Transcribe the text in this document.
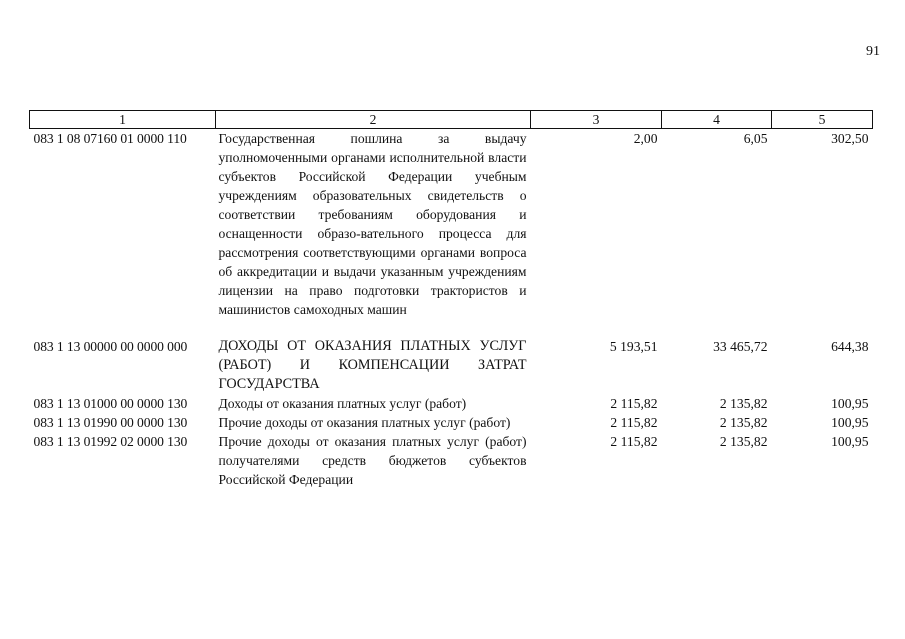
91
1	2	3	4	5
083 1 08 07160 01 0000 110	Государственная пошлина за выдачу уполномоченными органами исполнительной власти субъектов Российской Федерации учебным учреждениям образовательных свидетельств о соответствии требованиям оборудования и оснащенности образо-вательного процесса для рассмотрения соответствующими органами вопроса об аккредитации и выдачи указанным учреждениям лицензии на право подготовки трактористов и машинистов самоходных машин	2,00	6,05	302,50

083 1 13 00000 00 0000 000	ДОХОДЫ ОТ ОКАЗАНИЯ ПЛАТНЫХ УСЛУГ (РАБОТ) И КОМПЕНСАЦИИ ЗАТРАТ ГОСУДАРСТВА	5 193,51	33 465,72	644,38
083 1 13 01000 00 0000 130	Доходы от оказания платных услуг (работ)	2 115,82	2 135,82	100,95
083 1 13 01990 00 0000 130	Прочие доходы от оказания платных услуг (работ)	2 115,82	2 135,82	100,95
083 1 13 01992 02 0000 130	Прочие доходы от оказания платных услуг (работ) получателями средств бюджетов субъектов Российской Федерации	2 115,82	2 135,82	100,95
